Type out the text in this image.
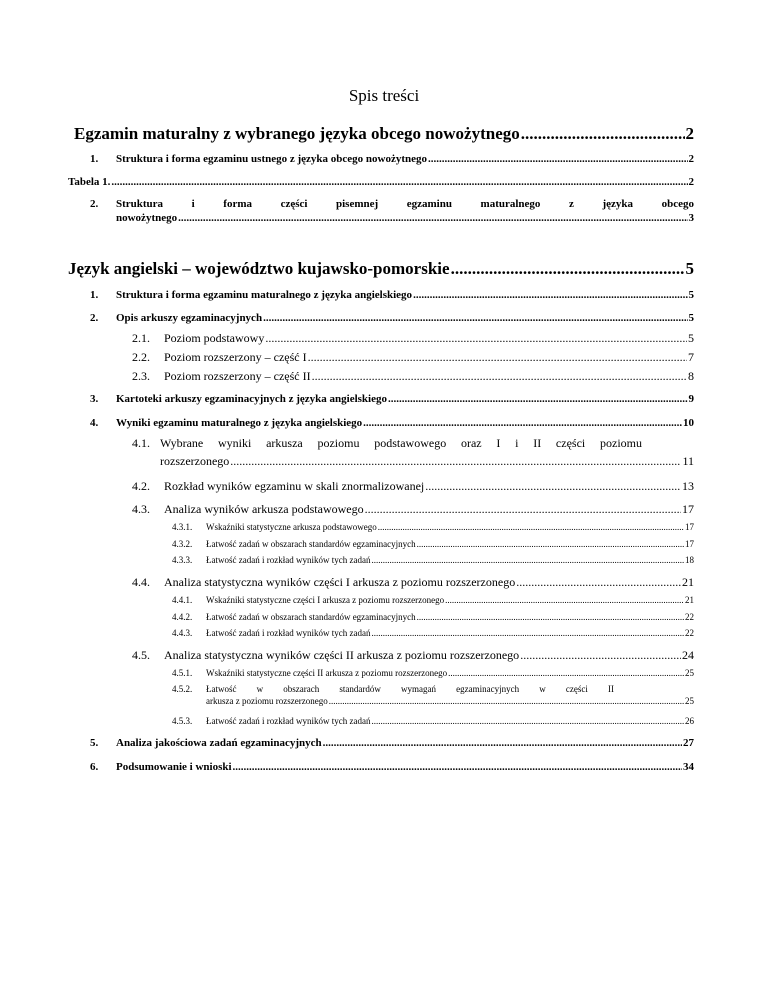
Spis treści
Egzamin maturalny z wybranego języka obcego nowożytnego .....	2
1.	Struktura i forma egzaminu ustnego z języka obcego nowożytnego .....	2
Tabela 1. .....	2
2.	Struktura i forma części pisemnej egzaminu maturalnego z języka obcego
nowożytnego .....	3
Język angielski – województwo kujawsko-pomorskie .....	5
1.	Struktura i forma egzaminu maturalnego z języka angielskiego .....	5
2.	Opis arkuszy egzaminacyjnych .....	5
2.1.	Poziom podstawowy .....	5
2.2.	Poziom rozszerzony – część I .....	7
2.3.	Poziom rozszerzony – część II .....	8
3.	Kartoteki arkuszy egzaminacyjnych z języka angielskiego .....	9
4.	Wyniki egzaminu maturalnego z języka angielskiego .....	10
4.1. Wybrane wyniki arkusza poziomu podstawowego oraz I i II części poziomu
rozszerzonego .....	11
4.2.	Rozkład wyników egzaminu w skali znormalizowanej .....	13
4.3.	Analiza wyników arkusza podstawowego .....	17
4.3.1.	Wskaźniki statystyczne arkusza podstawowego .....	17
4.3.2.	Łatwość zadań w obszarach standardów egzaminacyjnych .....	17
4.3.3.	Łatwość zadań i rozkład wyników tych zadań .....	18
4.4.	Analiza statystyczna wyników części I arkusza z poziomu rozszerzonego .....	21
4.4.1.	Wskaźniki statystyczne części I arkusza z poziomu rozszerzonego .....	21
4.4.2.	Łatwość zadań w obszarach standardów egzaminacyjnych .....	22
4.4.3.	Łatwość zadań i rozkład wyników tych zadań .....	22
4.5.	Analiza statystyczna wyników części II arkusza z poziomu rozszerzonego .....	24
4.5.1.	Wskaźniki statystyczne części II arkusza z poziomu rozszerzonego .....	25
4.5.2.	Łatwość w obszarach standardów wymagań egzaminacyjnych w części II
arkusza z poziomu rozszerzonego .....	25
4.5.3.	Łatwość zadań i rozkład wyników tych zadań .....	26
5.	Analiza jakościowa zadań egzaminacyjnych .....	27
6.	Podsumowanie i wnioski .....	34
